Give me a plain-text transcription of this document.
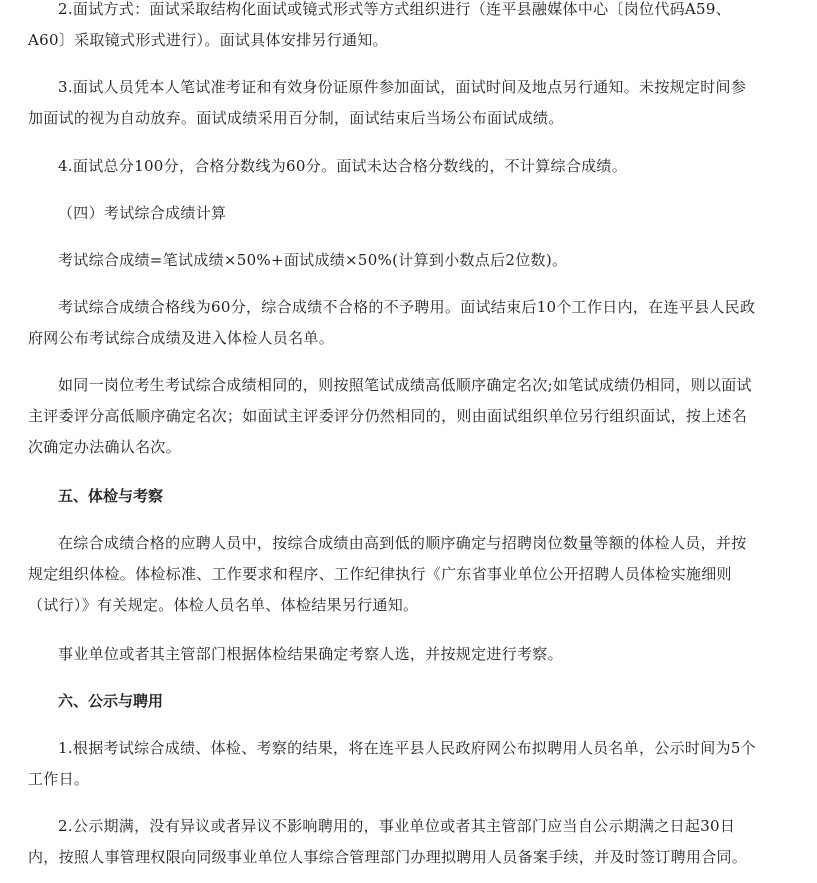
2.面试方式：面试采取结构化面试或镜式形式等方式组织进行（连平县融媒体中心〔岗位代码A59、
A60〕采取镜式形式进行）。面试具体安排另行通知。

3.面试人员凭本人笔试准考证和有效身份证原件参加面试，面试时间及地点另行通知。未按规定时间参
加面试的视为自动放弃。面试成绩采用百分制，面试结束后当场公布面试成绩。

4.面试总分100分，合格分数线为60分。面试未达合格分数线的，不计算综合成绩。

（四）考试综合成绩计算

考试综合成绩=笔试成绩×50%+面试成绩×50%(计算到小数点后2位数)。

考试综合成绩合格线为60分，综合成绩不合格的不予聘用。面试结束后10个工作日内，在连平县人民政
府网公布考试综合成绩及进入体检人员名单。

如同一岗位考生考试综合成绩相同的，则按照笔试成绩高低顺序确定名次;如笔试成绩仍相同，则以面试
主评委评分高低顺序确定名次；如面试主评委评分仍然相同的，则由面试组织单位另行组织面试，按上述名
次确定办法确认名次。

五、体检与考察

在综合成绩合格的应聘人员中，按综合成绩由高到低的顺序确定与招聘岗位数量等额的体检人员，并按
规定组织体检。体检标准、工作要求和程序、工作纪律执行《广东省事业单位公开招聘人员体检实施细则
（试行）》有关规定。体检人员名单、体检结果另行通知。

事业单位或者其主管部门根据体检结果确定考察人选，并按规定进行考察。

六、公示与聘用

1.根据考试综合成绩、体检、考察的结果，将在连平县人民政府网公布拟聘用人员名单，公示时间为5个
工作日。

2.公示期满，没有异议或者异议不影响聘用的，事业单位或者其主管部门应当自公示期满之日起30日
内，按照人事管理权限向同级事业单位人事综合管理部门办理拟聘用人员备案手续，并及时签订聘用合同。
